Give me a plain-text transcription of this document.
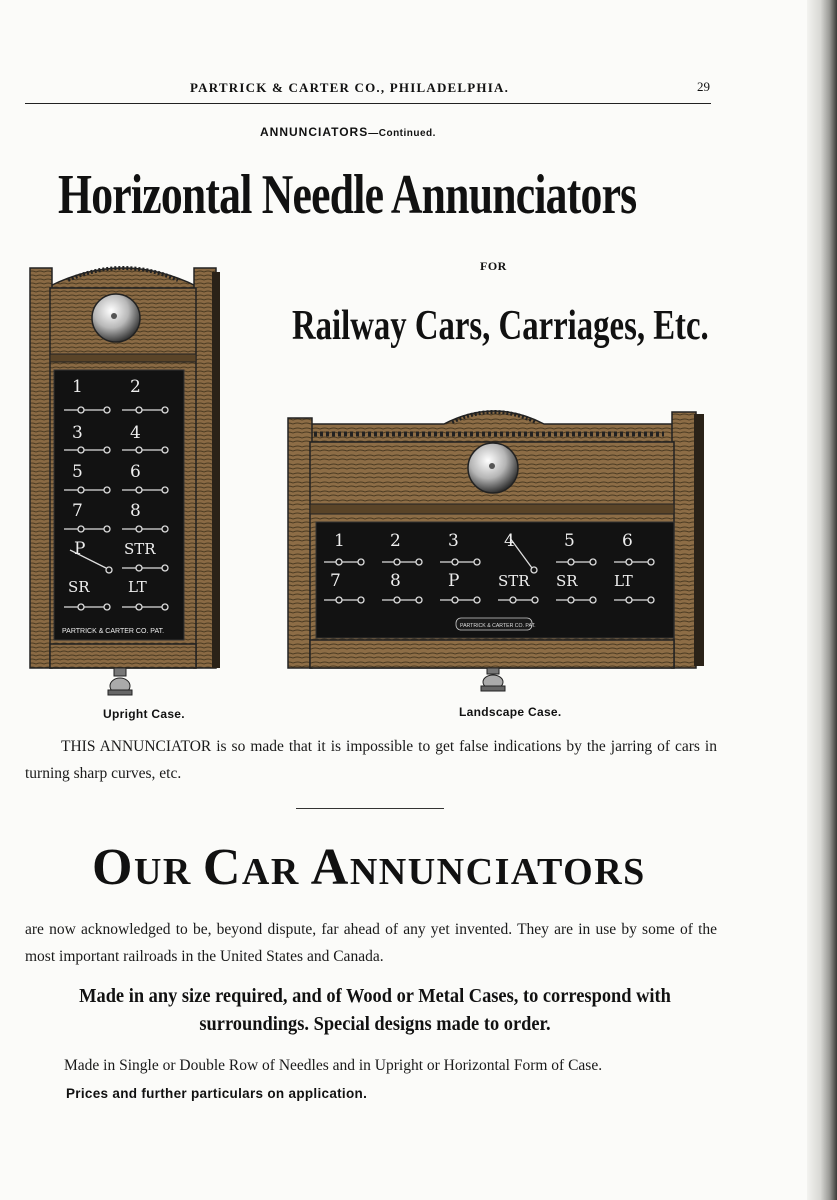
PARTRICK & CARTER CO., PHILADELPHIA.	29
ANNUNCIATORS—Continued.
Horizontal Needle Annunciators
FOR
Railway Cars, Carriages, Etc.
1	2
3	4
5	6
7	8
P	STR
SR	LT
PARTRICK & CARTER CO. PAT.
1	2	3	4	5	6
7	8	P	STR SR LT
PARTRICK & CARTER CO. PAT.
Upright Case.	Landscape Case.
THIS ANNUNCIATOR is so made that it is impossible to get false indications by the jarring of cars in turning sharp curves, etc.
OUR CAR ANNUNCIATORS
are now acknowledged to be, beyond dispute, far ahead of any yet invented. They are in use by some of the most important railroads in the United States and Canada.
Made in any size required, and of Wood or Metal Cases, to correspond with surroundings. Special designs made to order.
Made in Single or Double Row of Needles and in Upright or Horizontal Form of Case.
Prices and further particulars on application.
